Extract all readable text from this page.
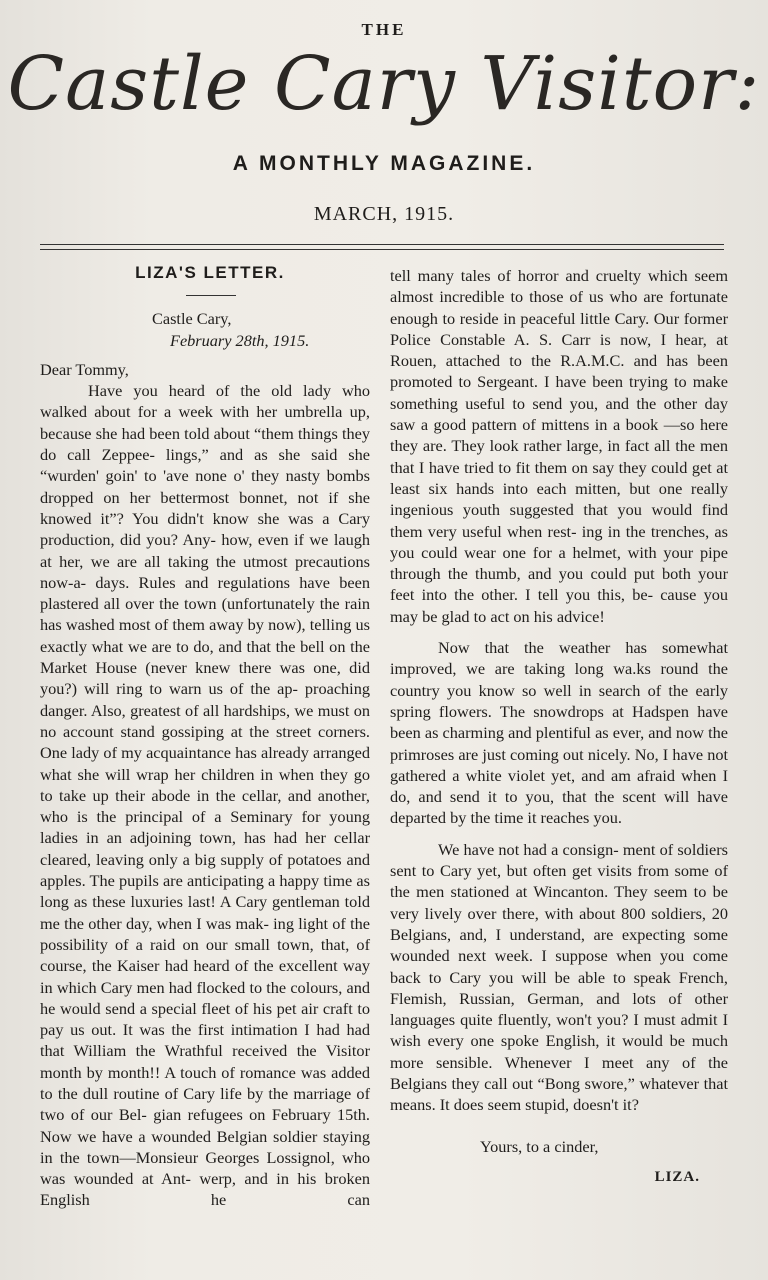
THE
Castle Cary Visitor:
A MONTHLY MAGAZINE.
MARCH, 1915.
LIZA'S LETTER.

Castle Cary,

February 28th, 1915.

Dear Tommy,

Have you heard of the old lady who walked about for a week with her umbrella up, because she had been told about “them things they do call Zeppee- lings,” and as she said she “wurden' goin' to 'ave none o' they nasty bombs dropped on her bettermost bonnet, not if she knowed it”? You didn't know she was a Cary production, did you? Any- how, even if we laugh at her, we are all taking the utmost precautions now-a- days. Rules and regulations have been plastered all over the town (unfortunately the rain has washed most of them away by now), telling us exactly what we are to do, and that the bell on the Market House (never knew there was one, did you?) will ring to warn us of the ap- proaching danger. Also, greatest of all hardships, we must on no account stand gossiping at the street corners. One lady of my acquaintance has already arranged what she will wrap her children in when they go to take up their abode in the cellar, and another, who is the principal of a Seminary for young ladies in an adjoining town, has had her cellar cleared, leaving only a big supply of potatoes and apples. The pupils are anticipating a happy time as long as these luxuries last! A Cary gentleman told me the other day, when I was mak- ing light of the possibility of a raid on our small town, that, of course, the Kaiser had heard of the excellent way in which Cary men had flocked to the colours, and he would send a special fleet of his pet air craft to pay us out. It was the first intimation I had had that William the Wrathful received the Visitor month by month!! A touch of romance was added to the dull routine of Cary life by the marriage of two of our Bel- gian refugees on February 15th. Now we have a wounded Belgian soldier staying in the town—Monsieur Georges Lossignol, who was wounded at Ant- werp, and in his broken English he can

tell many tales of horror and cruelty which seem almost incredible to those of us who are fortunate enough to reside in peaceful little Cary. Our former Police Constable A. S. Carr is now, I hear, at Rouen, attached to the R.A.M.C. and has been promoted to Sergeant. I have been trying to make something useful to send you, and the other day saw a good pattern of mittens in a book —so here they are. They look rather large, in fact all the men that I have tried to fit them on say they could get at least six hands into each mitten, but one really ingenious youth suggested that you would find them very useful when rest- ing in the trenches, as you could wear one for a helmet, with your pipe through the thumb, and you could put both your feet into the other. I tell you this, be- cause you may be glad to act on his advice!

Now that the weather has somewhat improved, we are taking long wa.ks round the country you know so well in search of the early spring flowers. The snowdrops at Hadspen have been as charming and plentiful as ever, and now the primroses are just coming out nicely. No, I have not gathered a white violet yet, and am afraid when I do, and send it to you, that the scent will have departed by the time it reaches you.

We have not had a consign- ment of soldiers sent to Cary yet, but often get visits from some of the men stationed at Wincanton. They seem to be very lively over there, with about 800 soldiers, 20 Belgians, and, I understand, are expecting some wounded next week. I suppose when you come back to Cary you will be able to speak French, Flemish, Russian, German, and lots of other languages quite fluently, won't you? I must admit I wish every one spoke English, it would be much more sensible. Whenever I meet any of the Belgians they call out “Bong swore,” whatever that means. It does seem stupid, doesn't it?

Yours, to a cinder,

LIZA.
